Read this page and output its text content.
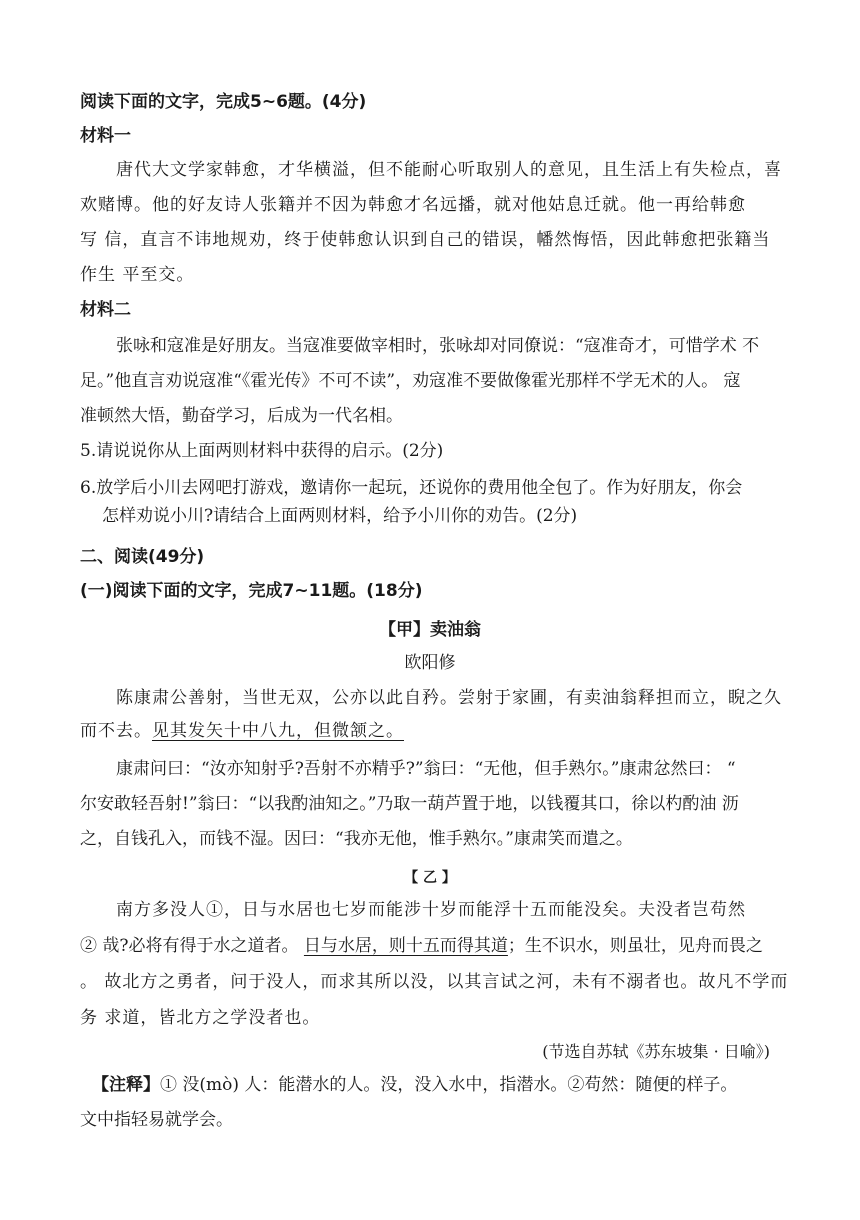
阅读下面的文字，完成5~6题。(4分)
材料一
唐代大文学家韩愈，才华横溢，但不能耐心听取别人的意见，且生活上有失检点，喜
欢赌博。他的好友诗人张籍并不因为韩愈才名远播，就对他姑息迁就。他一再给韩愈
写 信，直言不讳地规劝，终于使韩愈认识到自己的错误，幡然悔悟，因此韩愈把张籍当
作生 平至交。
材料二
张咏和寇准是好朋友。当寇准要做宰相时，张咏却对同僚说：“寇准奇才，可惜学术 不
足。”他直言劝说寇准“《霍光传》不可不读”，劝寇准不要做像霍光那样不学无术的人。 寇
准顿然大悟，勤奋学习，后成为一代名相。
5.请说说你从上面两则材料中获得的启示。(2分)
6.放学后小川去网吧打游戏，邀请你一起玩，还说你的费用他全包了。作为好朋友，你会
怎样劝说小川?请结合上面两则材料，给予小川你的劝告。(2分)
二、阅读(49分)
(一)阅读下面的文字，完成7~11题。(18分)
【甲】卖油翁
欧阳修
陈康肃公善射，当世无双，公亦以此自矜。尝射于家圃，有卖油翁释担而立，睨之久
而不去。见其发矢十中八九，但微颔之。
康肃问曰：“汝亦知射乎?吾射不亦精乎?”翁曰：“无他，但手熟尔。”康肃忿然曰： “
尔安敢轻吾射!”翁曰：“以我酌油知之。”乃取一葫芦置于地，以钱覆其口，徐以杓酌油 沥
之，自钱孔入，而钱不湿。因曰：“我亦无他，惟手熟尔。”康肃笑而遣之。
【 乙 】
南方多没人①，日与水居也七岁而能涉十岁而能浮十五而能没矣。夫没者岂苟然
② 哉?必将有得于水之道者。 日与水居，则十五而得其道；生不识水，则虽壮，见舟而畏之
。 故北方之勇者，问于没人，而求其所以没，以其言试之河，未有不溺者也。故凡不学而
务 求道，皆北方之学没者也。
(节选自苏轼《苏东坡集 · 日喻》)
【注释】① 没(mò) 人：能潜水的人。没，没入水中，指潜水。②苟然：随便的样子。
文中指轻易就学会。
